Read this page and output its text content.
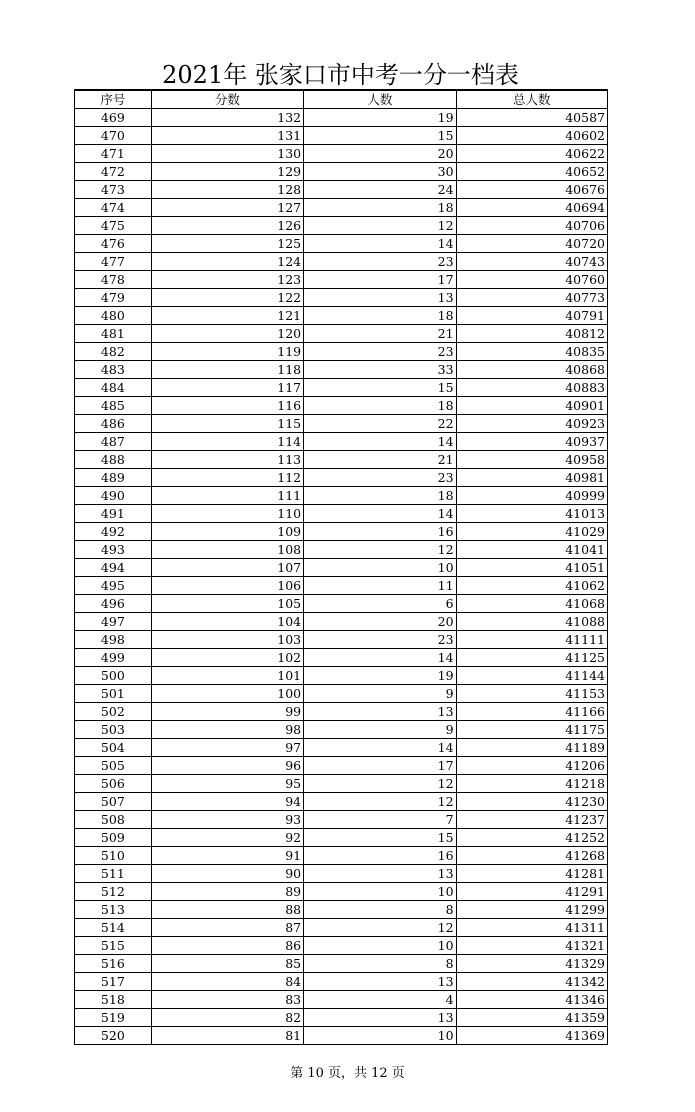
2021年 张家口市中考一分一档表
序号	分数	人数	总人数
469	132	19	40587
470	131	15	40602
471	130	20	40622
472	129	30	40652
473	128	24	40676
474	127	18	40694
475	126	12	40706
476	125	14	40720
477	124	23	40743
478	123	17	40760
479	122	13	40773
480	121	18	40791
481	120	21	40812
482	119	23	40835
483	118	33	40868
484	117	15	40883
485	116	18	40901
486	115	22	40923
487	114	14	40937
488	113	21	40958
489	112	23	40981
490	111	18	40999
491	110	14	41013
492	109	16	41029
493	108	12	41041
494	107	10	41051
495	106	11	41062
496	105	6	41068
497	104	20	41088
498	103	23	41111
499	102	14	41125
500	101	19	41144
501	100	9	41153
502	99	13	41166
503	98	9	41175
504	97	14	41189
505	96	17	41206
506	95	12	41218
507	94	12	41230
508	93	7	41237
509	92	15	41252
510	91	16	41268
511	90	13	41281
512	89	10	41291
513	88	8	41299
514	87	12	41311
515	86	10	41321
516	85	8	41329
517	84	13	41342
518	83	4	41346
519	82	13	41359
520	81	10	41369
第 10 页，共 12 页
